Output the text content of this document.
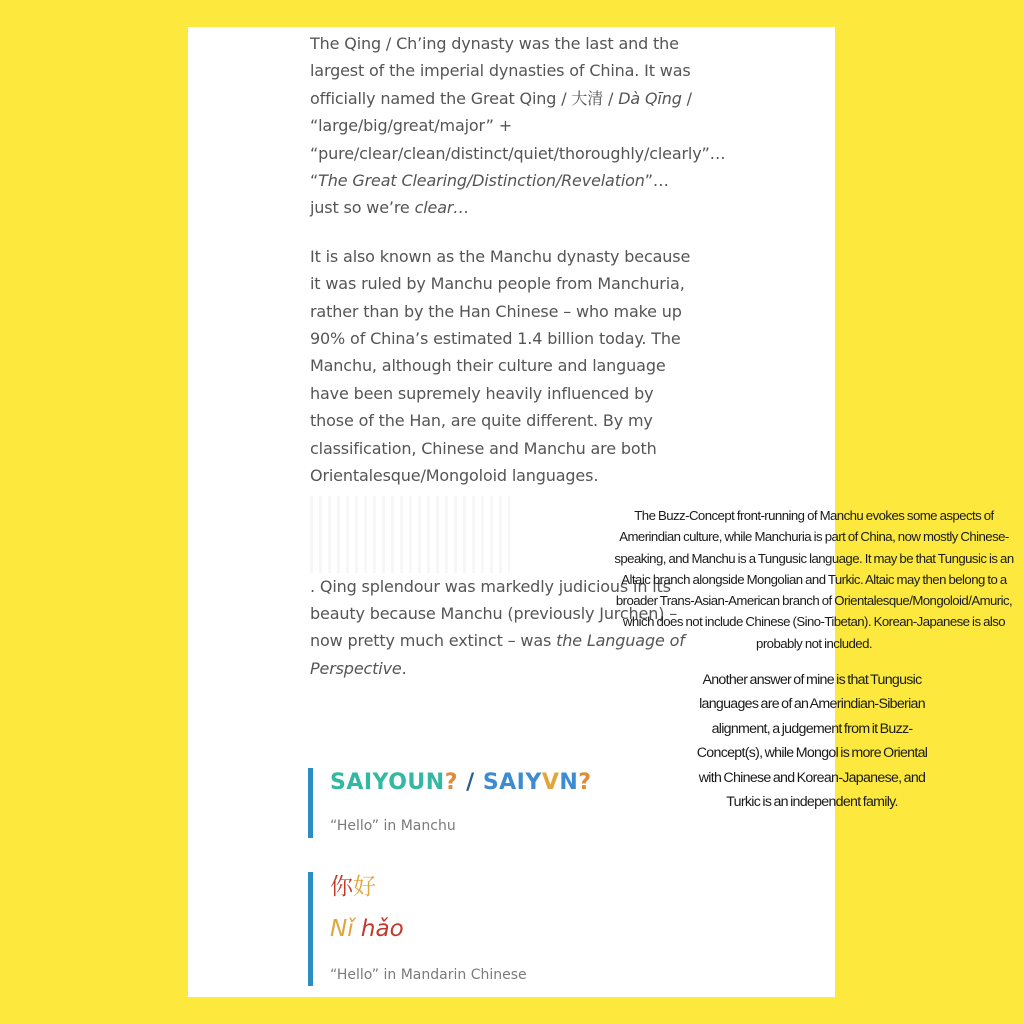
The Qing / Ch’ing dynasty was the last and the largest of the imperial dynasties of China. It was officially named the Great Qing / 大清 / Dà Qīng / “large/big/great/major” + “pure/clear/clean/distinct/quiet/thoroughly/clearly”… “The Great Clearing/Distinction/Revelation”… just so we’re clear…

It is also known as the Manchu dynasty because it was ruled by Manchu people from Manchuria, rather than by the Han Chinese – who make up 90% of China’s estimated 1.4 billion today. The Manchu, although their culture and language have been supremely heavily influenced by those of the Han, are quite different. By my classification, Chinese and Manchu are both Orientalesque/Mongoloid languages.

. Qing splendour was markedly judicious in its beauty because Manchu (previously Jurchen) – now pretty much extinct – was the Language of Perspective.

SAIYOUN? / SAIYVN?
“Hello” in Manchu
你好
Nǐ hǎo
“Hello” in Mandarin Chinese
The Buzz-Concept front-running of Manchu evokes some aspects of Amerindian culture, while Manchuria is part of China, now mostly Chinese-speaking, and Manchu is a Tungusic language. It may be that Tungusic is an Altaic branch alongside Mongolian and Turkic. Altaic may then belong to a broader Trans-Asian-American branch of Orientalesque/Mongoloid/Amuric, which does not include Chinese (Sino-Tibetan). Korean-Japanese is also probably not included.
Another answer of mine is that Tungusic languages are of an Amerindian-Siberian alignment, a judgement from it Buzz-Concept(s), while Mongol is more Oriental with Chinese and Korean-Japanese, and Turkic is an independent family.
